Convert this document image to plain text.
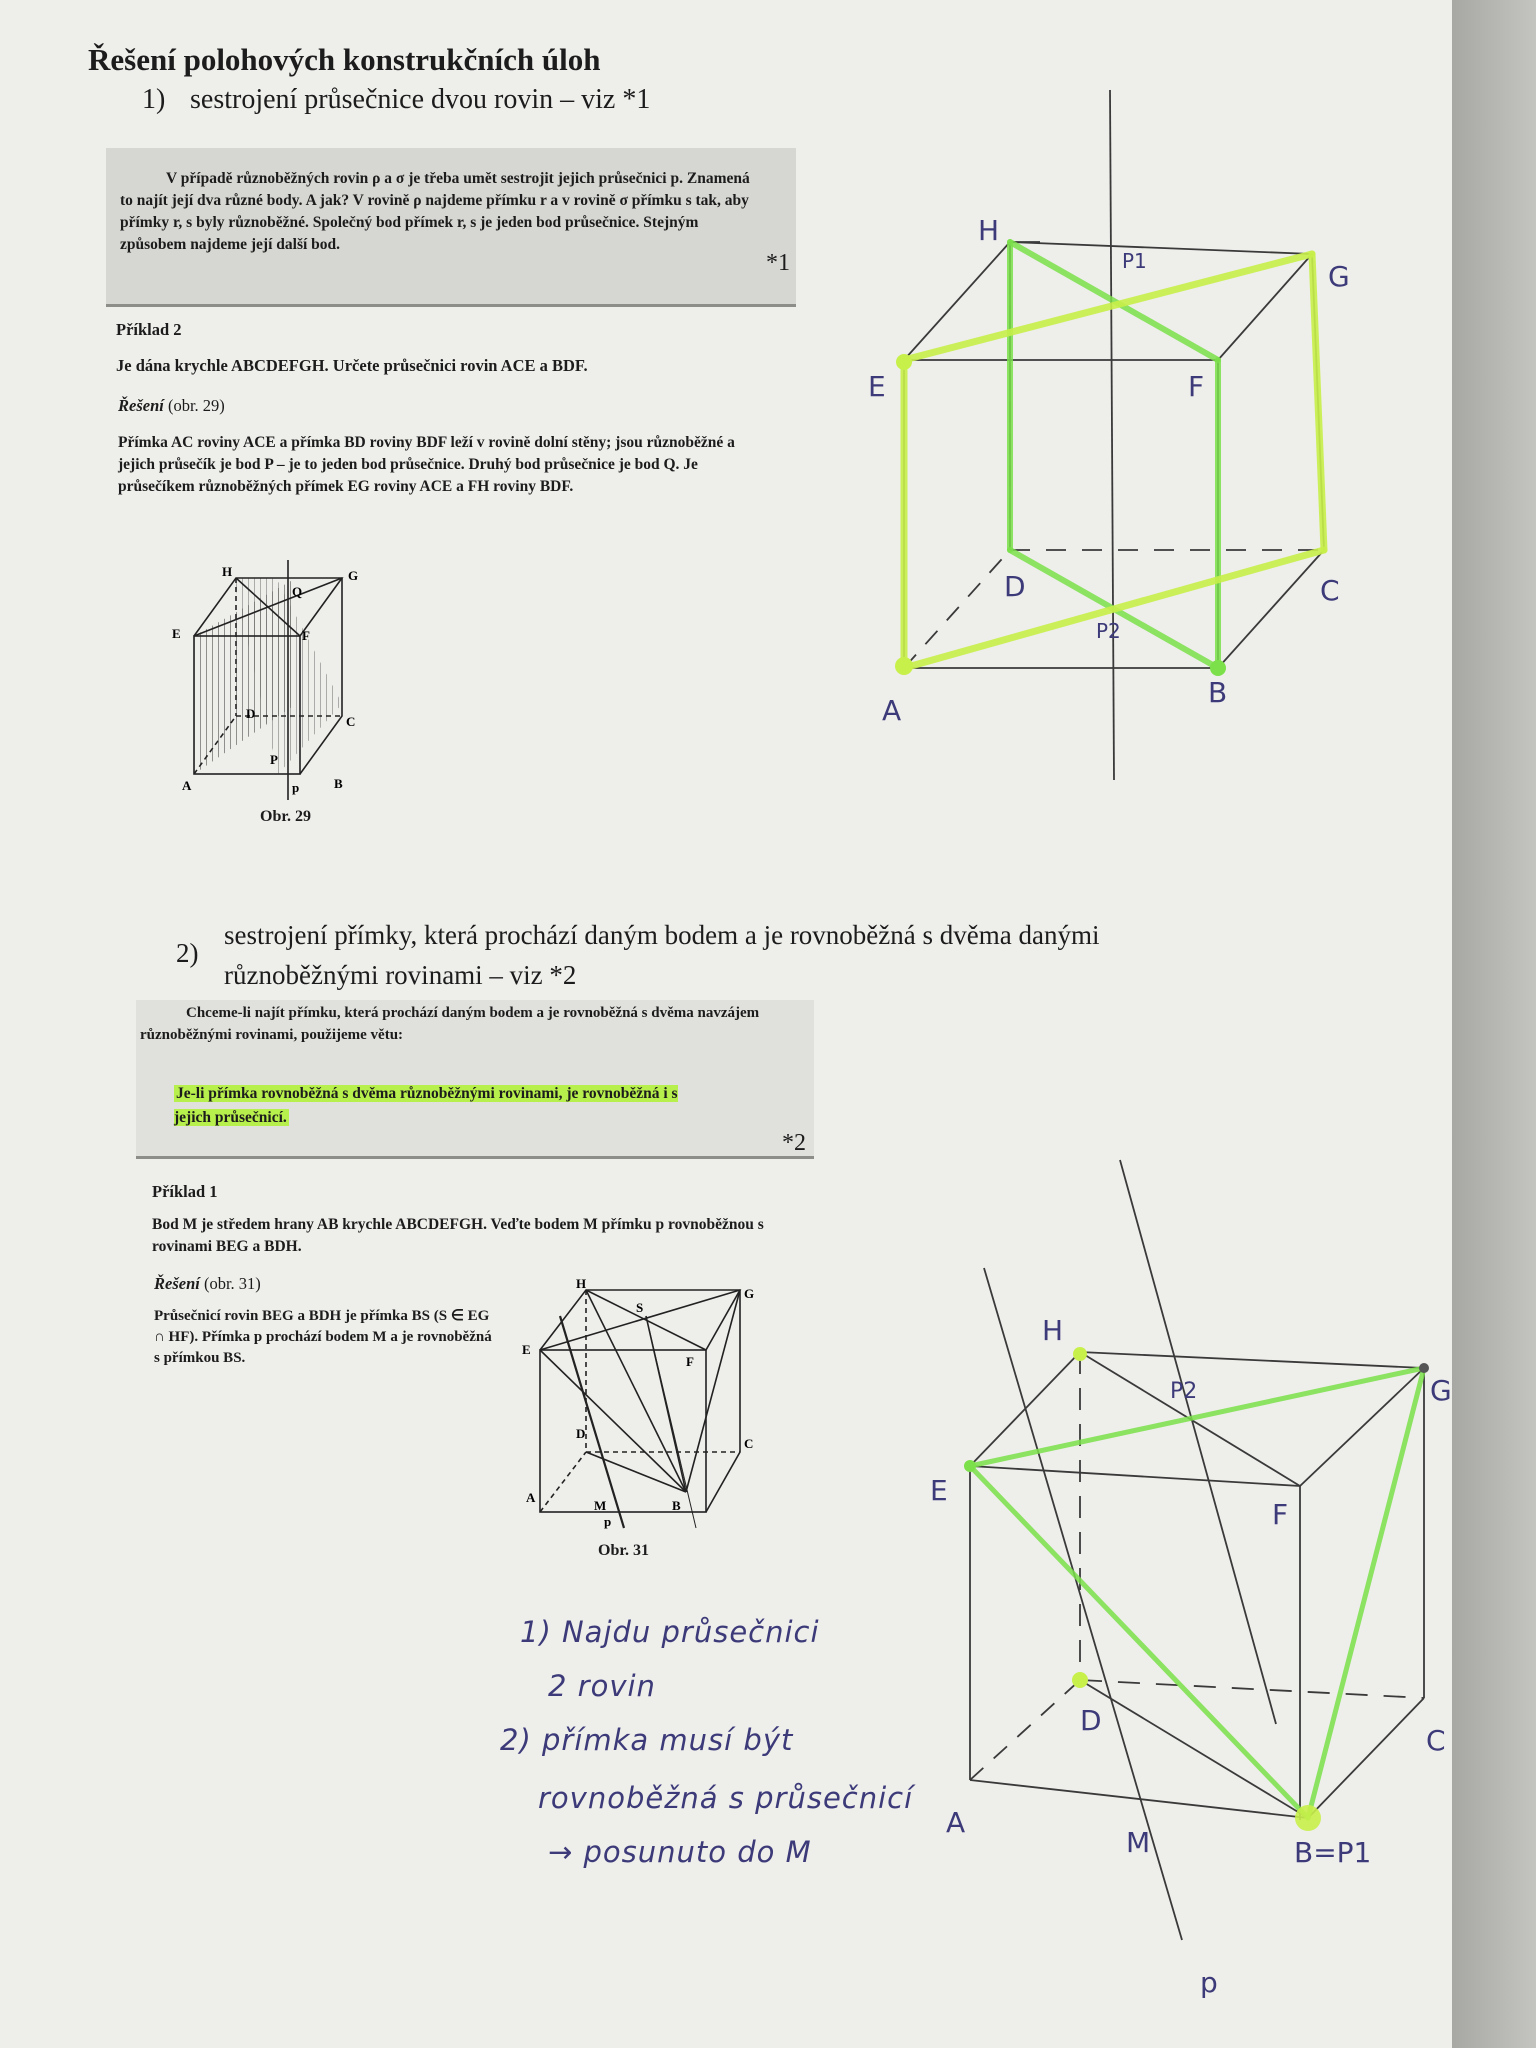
Řešení polohových konstrukčních úloh

1) sestrojení průsečnice dvou rovin – viz *1

V případě různoběžných rovin ρ a σ je třeba umět sestrojit jejich průsečnici p. Znamená to najít její dva různé body. A jak? V rovině ρ najdeme přímku r a v rovině σ přímku s tak, aby přímky r, s byly různoběžné. Společný bod přímek r, s je jeden bod průsečnice. Stejným způsobem najdeme její další bod.

*1

Příklad 2

Je dána krychle ABCDEFGH. Určete průsečnici rovin ACE a BDF.

Řešení (obr. 29)

Přímka AC roviny ACE a přímka BD roviny BDF leží v rovině dolní stěny; jsou různoběžné a jejich průsečík je bod P – je to jeden bod průsečnice. Druhý bod průsečnice je bod Q. Je průsečíkem různoběžných přímek EG roviny ACE a FH roviny BDF.

E
H	G
Q
F
D
C
P
A	p	B

Obr. 29

H
G
E	F
P1
D	C
P2
A
B

2)

sestrojení přímky, která prochází daným bodem a je rovnoběžná s dvěma danými

různoběžnými rovinami – viz *2

Chceme-li najít přímku, která prochází daným bodem a je rovnoběžná s dvěma navzájem různoběžnými rovinami, použijeme větu:

Je-li přímka rovnoběžná s dvěma různoběžnými rovinami, je rovnoběžná i s jejich průsečnicí.

*2

Příklad 1

Bod M je středem hrany AB krychle ABCDEFGH. Veďte bodem M přímku p rovnoběžnou s rovinami BEG a BDH.

Řešení (obr. 31)

Průsečnicí rovin BEG a BDH je přímka BS (S ∈ EG ∩ HF). Přímka p prochází bodem M a je rovnoběžná s přímkou BS.

H
G
S
E
F
D
C
A
M
p
B

Obr. 31

1) Najdu průsečnici

2 rovin

2) přímka musí být

rovnoběžná s průsečnicí

→ posunuto do M

H
G
P2
E
F
D
C
A
M	B=P1
p
